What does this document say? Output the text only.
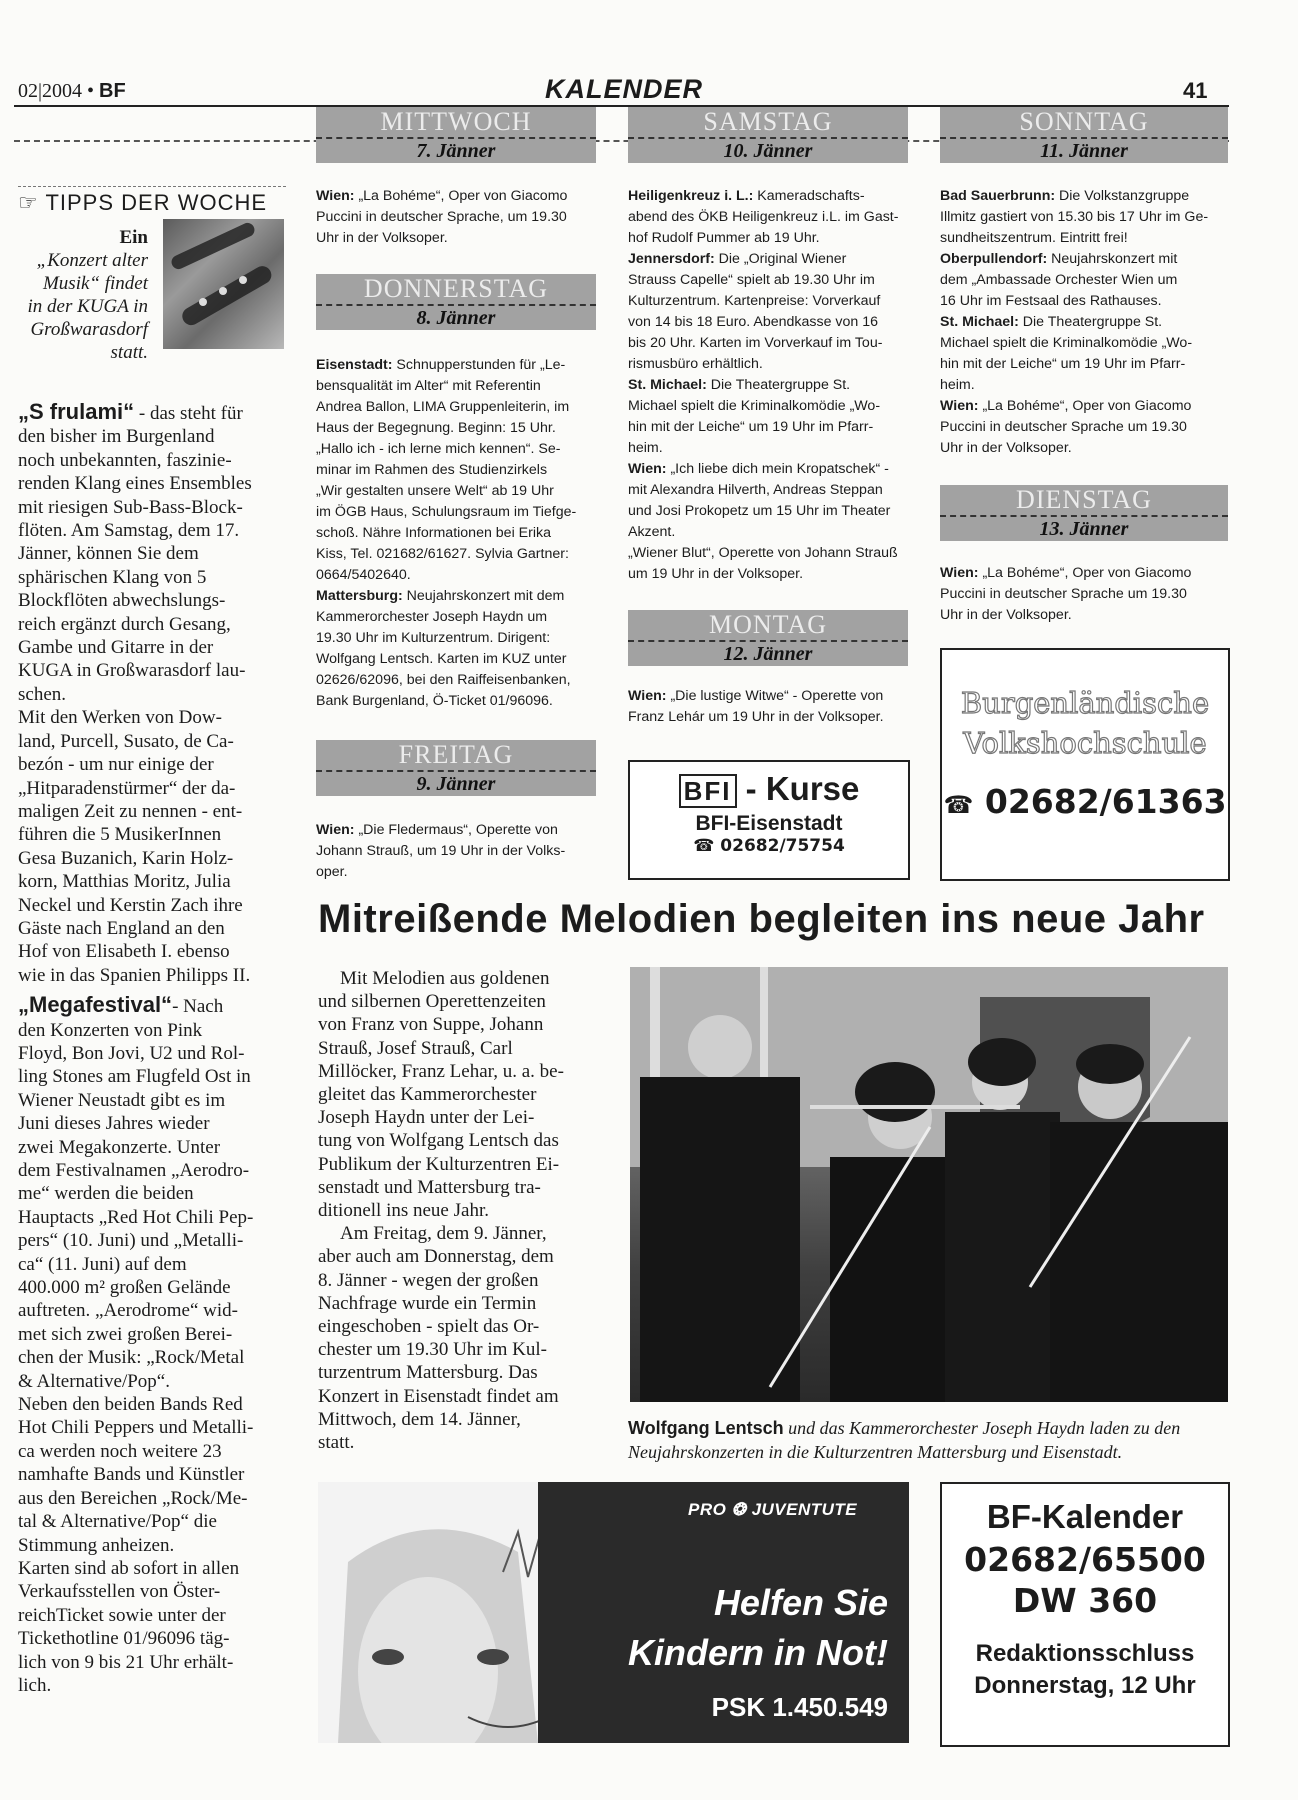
02|2004 • BF	KALENDER	41
MITTWOCH
7. Jänner
DONNERSTAG
8. Jänner
FREITAG
9. Jänner
SAMSTAG
10. Jänner
MONTAG
12. Jänner
SONNTAG
11. Jänner
DIENSTAG
13. Jänner
☞ TIPPS DER WOCHE
Ein
„Konzert alter
Musik“ findet
in der KUGA in
Großwarasdorf
statt.
„S frulami“ - das steht für
den bisher im Burgenland
noch unbekannten, faszinie-
renden Klang eines Ensembles
mit riesigen Sub-Bass-Block-
flöten. Am Samstag, dem 17.
Jänner, können Sie dem
sphärischen Klang von 5
Blockflöten abwechslungs-
reich ergänzt durch Gesang,
Gambe und Gitarre in der
KUGA in Großwarasdorf lau-
schen.
Mit den Werken von Dow-
land, Purcell, Susato, de Ca-
bezón - um nur einige der
„Hitparadenstürmer“ der da-
maligen Zeit zu nennen - ent-
führen die 5 MusikerInnen
Gesa Buzanich, Karin Holz-
korn, Matthias Moritz, Julia
Neckel und Kerstin Zach ihre
Gäste nach England an den
Hof von Elisabeth I. ebenso
wie in das Spanien Philipps II.
„Megafestival“- Nach
den Konzerten von Pink
Floyd, Bon Jovi, U2 und Rol-
ling Stones am Flugfeld Ost in
Wiener Neustadt gibt es im
Juni dieses Jahres wieder
zwei Megakonzerte. Unter
dem Festivalnamen „Aerodro-
me“ werden die beiden
Hauptacts „Red Hot Chili Pep-
pers“ (10. Juni) und „Metalli-
ca“ (11. Juni) auf dem
400.000 m² großen Gelände
auftreten. „Aerodrome“ wid-
met sich zwei großen Berei-
chen der Musik: „Rock/Metal
& Alternative/Pop“.
Neben den beiden Bands Red
Hot Chili Peppers und Metalli-
ca werden noch weitere 23
namhafte Bands und Künstler
aus den Bereichen „Rock/Me-
tal & Alternative/Pop“ die
Stimmung anheizen.
Karten sind ab sofort in allen
Verkaufsstellen von Öster-
reichTicket sowie unter der
Tickethotline 01/96096 täg-
lich von 9 bis 21 Uhr erhält-
lich.

Wien: „La Bohéme“, Oper von Giacomo
Puccini in deutscher Sprache, um 19.30
Uhr in der Volksoper.

Eisenstadt: Schnupperstunden für „Le-
bensqualität im Alter“ mit Referentin
Andrea Ballon, LIMA Gruppenleiterin, im
Haus der Begegnung. Beginn: 15 Uhr.
„Hallo ich - ich lerne mich kennen“. Se-
minar im Rahmen des Studienzirkels
„Wir gestalten unsere Welt“ ab 19 Uhr
im ÖGB Haus, Schulungsraum im Tiefge-
schoß. Nähre Informationen bei Erika
Kiss, Tel. 021682/61627. Sylvia Gartner:
0664/5402640.

Mattersburg: Neujahrskonzert mit dem
Kammerorchester Joseph Haydn um
19.30 Uhr im Kulturzentrum. Dirigent:
Wolfgang Lentsch. Karten im KUZ unter
02626/62096, bei den Raiffeisenbanken,
Bank Burgenland, Ö-Ticket 01/96096.

Wien: „Die Fledermaus“, Operette von
Johann Strauß, um 19 Uhr in der Volks-
oper.

Heiligenkreuz i. L.: Kameradschafts-
abend des ÖKB Heiligenkreuz i.L. im Gast-
hof Rudolf Pummer ab 19 Uhr.

Jennersdorf: Die „Original Wiener
Strauss Capelle“ spielt ab 19.30 Uhr im
Kulturzentrum. Kartenpreise: Vorverkauf
von 14 bis 18 Euro. Abendkasse von 16
bis 20 Uhr. Karten im Vorverkauf im Tou-
rismusbüro erhältlich.

St. Michael: Die Theatergruppe St.
Michael spielt die Kriminalkomödie „Wo-
hin mit der Leiche“ um 19 Uhr im Pfarr-
heim.

Wien: „Ich liebe dich mein Kropatschek“ -
mit Alexandra Hilverth, Andreas Steppan
und Josi Prokopetz um 15 Uhr im Theater
Akzent.
„Wiener Blut“, Operette von Johann Strauß
um 19 Uhr in der Volksoper.

Wien: „Die lustige Witwe“ - Operette von
Franz Lehár um 19 Uhr in der Volksoper.

Bad Sauerbrunn: Die Volkstanzgruppe
Illmitz gastiert von 15.30 bis 17 Uhr im Ge-
sundheitszentrum. Eintritt frei!

Oberpullendorf: Neujahrskonzert mit
dem „Ambassade Orchester Wien um
16 Uhr im Festsaal des Rathauses.

St. Michael: Die Theatergruppe St.
Michael spielt die Kriminalkomödie „Wo-
hin mit der Leiche“ um 19 Uhr im Pfarr-
heim.

Wien: „La Bohéme“, Oper von Giacomo
Puccini in deutscher Sprache um 19.30
Uhr in der Volksoper.

Wien: „La Bohéme“, Oper von Giacomo
Puccini in deutscher Sprache um 19.30
Uhr in der Volksoper.

BFI - Kurse
BFI-Eisenstadt
☎ 02682/75754
Burgenländische
Volkshochschule
☎ 02682/61363
Mitreißende Melodien begleiten ins neue Jahr
Mit Melodien aus goldenen
und silbernen Operettenzeiten
von Franz von Suppe, Johann
Strauß, Josef Strauß, Carl
Millöcker, Franz Lehar, u. a. be-
gleitet das Kammerorchester
Joseph Haydn unter der Lei-
tung von Wolfgang Lentsch das
Publikum der Kulturzentren Ei-
senstadt und Mattersburg tra-
ditionell ins neue Jahr.
Am Freitag, dem 9. Jänner,
aber auch am Donnerstag, dem
8. Jänner - wegen der großen
Nachfrage wurde ein Termin
eingeschoben - spielt das Or-
chester um 19.30 Uhr im Kul-
turzentrum Mattersburg. Das
Konzert in Eisenstadt findet am
Mittwoch, dem 14. Jänner,
statt.
Wolfgang Lentsch und das Kammerorchester Joseph Haydn laden zu den
Neujahrskonzerten in die Kulturzentren Mattersburg und Eisenstadt.
PRO ❂ JUVENTUTE
Helfen Sie
Kindern in Not!
PSK 1.450.549
BF-Kalender
02682/65500
DW 360
Redaktionsschluss
Donnerstag, 12 Uhr
